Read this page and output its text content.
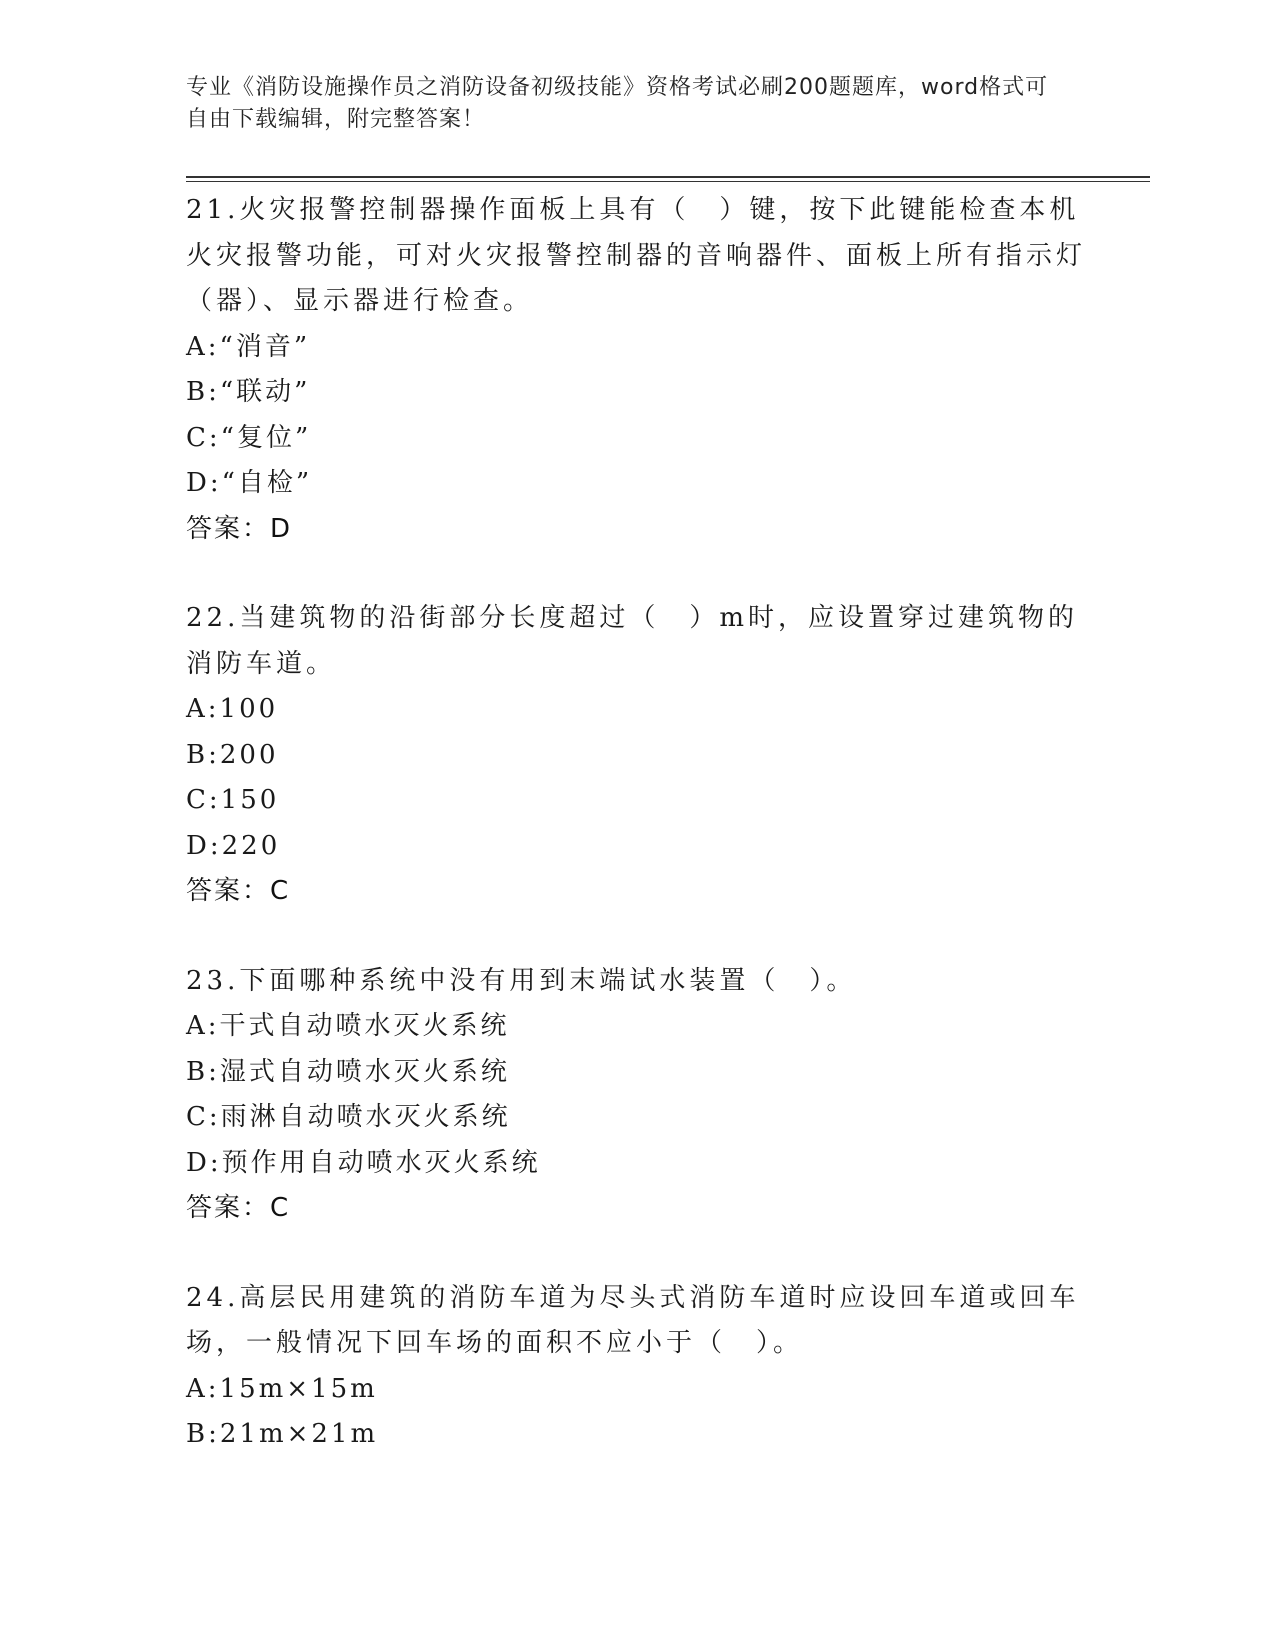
专业《消防设施操作员之消防设备初级技能》资格考试必刷200题题库，word格式可自由下载编辑，附完整答案！

21.火灾报警控制器操作面板上具有（　）键，按下此键能检查本机火灾报警功能，可对火灾报警控制器的音响器件、面板上所有指示灯（器）、显示器进行检查。

A:“消音”

B:“联动”

C:“复位”

D:“自检”

答案：D

22.当建筑物的沿街部分长度超过（　）m时，应设置穿过建筑物的消防车道。

A:100

B:200

C:150

D:220

答案：C

23.下面哪种系统中没有用到末端试水装置（　）。

A:干式自动喷水灭火系统

B:湿式自动喷水灭火系统

C:雨淋自动喷水灭火系统

D:预作用自动喷水灭火系统

答案：C

24.高层民用建筑的消防车道为尽头式消防车道时应设回车道或回车场，一般情况下回车场的面积不应小于（　）。

A:15m×15m

B:21m×21m
